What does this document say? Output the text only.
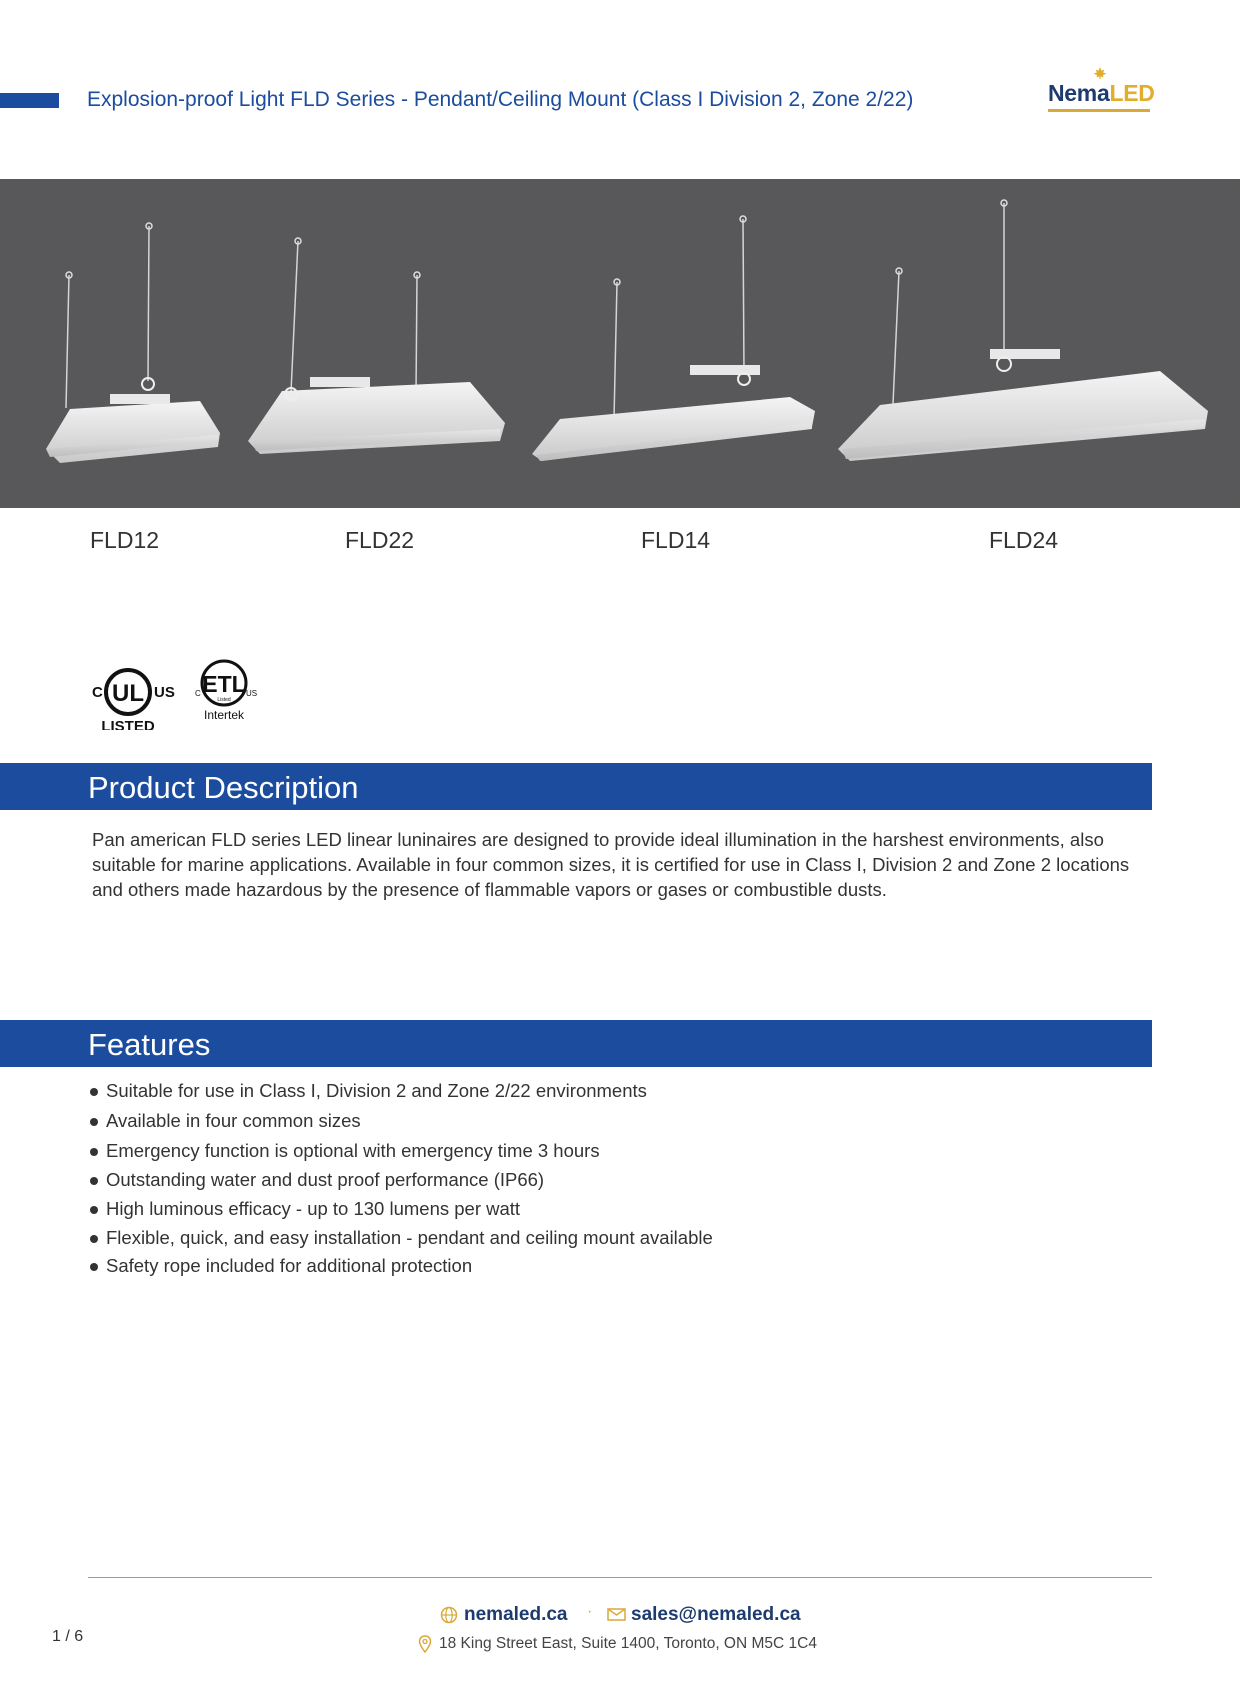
Explosion-proof Light FLD Series - Pendant/Ceiling Mount (Class I Division 2, Zone 2/22)	NemaLED
FLD12	FLD22	FLD14	FLD24
C UL US
LISTED
ETL
C	US
Listed
Intertek
Product Description

Pan american FLD series LED linear luninaires are designed to provide ideal illumination in the harshest environments, also suitable for marine applications. Available in four common sizes, it is certified for use in Class I, Division 2 and Zone 2 locations and others made hazardous by the presence of flammable vapors or gases or combustible dusts.

Features
Suitable for use in Class I, Division 2 and Zone 2/22 environments
Available in four common sizes
Emergency function is optional with emergency time 3 hours
Outstanding water and dust proof performance (IP66)
High luminous efficacy - up to 130 lumens per watt
Flexible, quick, and easy installation - pendant and ceiling mount available
Safety rope included for additional protection
1 / 6
nemaled.ca · sales@nemaled.ca
18 King Street East, Suite 1400, Toronto, ON M5C 1C4
